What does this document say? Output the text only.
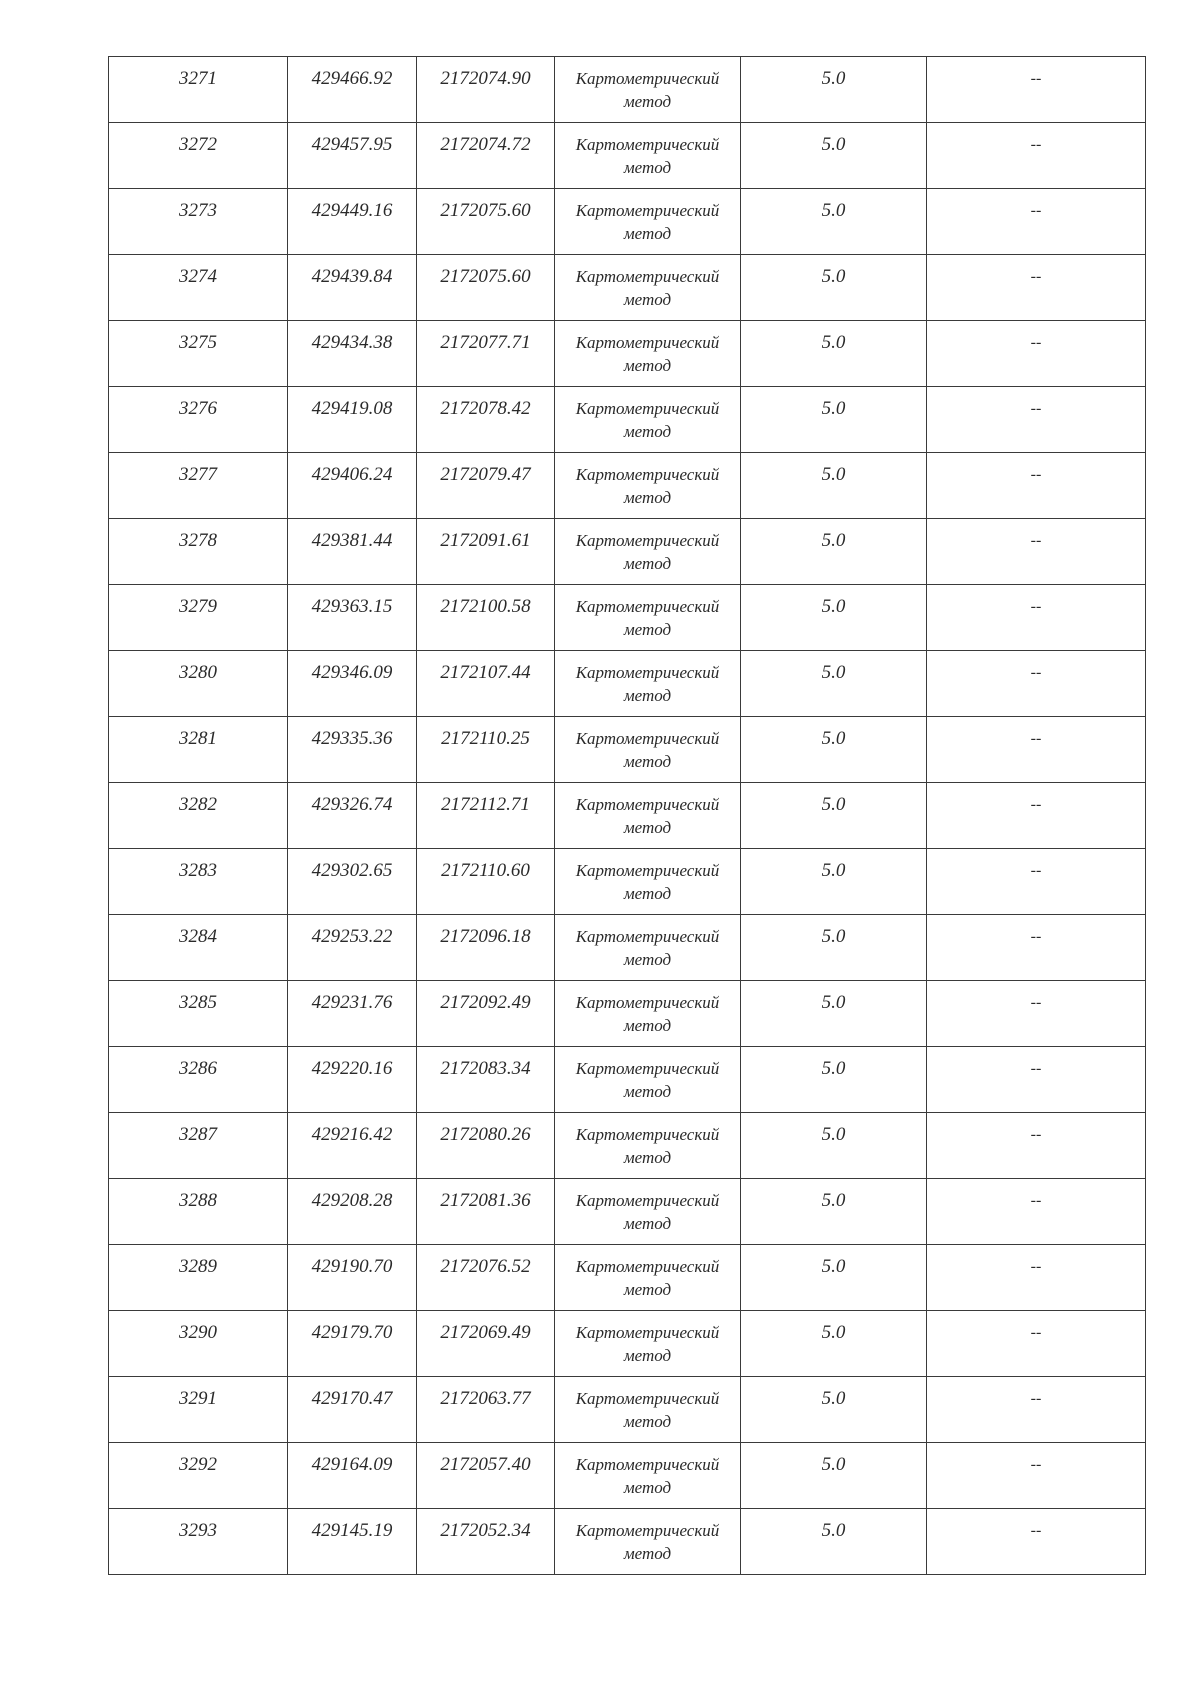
3271	429466.92	2172074.90	Картометрический
метод	5.0	--
3272	429457.95	2172074.72	Картометрический
метод	5.0	--
3273	429449.16	2172075.60	Картометрический
метод	5.0	--
3274	429439.84	2172075.60	Картометрический
метод	5.0	--
3275	429434.38	2172077.71	Картометрический
метод	5.0	--
3276	429419.08	2172078.42	Картометрический
метод	5.0	--
3277	429406.24	2172079.47	Картометрический
метод	5.0	--
3278	429381.44	2172091.61	Картометрический
метод	5.0	--
3279	429363.15	2172100.58	Картометрический
метод	5.0	--
3280	429346.09	2172107.44	Картометрический
метод	5.0	--
3281	429335.36	2172110.25	Картометрический
метод	5.0	--
3282	429326.74	2172112.71	Картометрический
метод	5.0	--
3283	429302.65	2172110.60	Картометрический
метод	5.0	--
3284	429253.22	2172096.18	Картометрический
метод	5.0	--
3285	429231.76	2172092.49	Картометрический
метод	5.0	--
3286	429220.16	2172083.34	Картометрический
метод	5.0	--
3287	429216.42	2172080.26	Картометрический
метод	5.0	--
3288	429208.28	2172081.36	Картометрический
метод	5.0	--
3289	429190.70	2172076.52	Картометрический
метод	5.0	--
3290	429179.70	2172069.49	Картометрический
метод	5.0	--
3291	429170.47	2172063.77	Картометрический
метод	5.0	--
3292	429164.09	2172057.40	Картометрический
метод	5.0	--
3293	429145.19	2172052.34	Картометрический
метод	5.0	--
